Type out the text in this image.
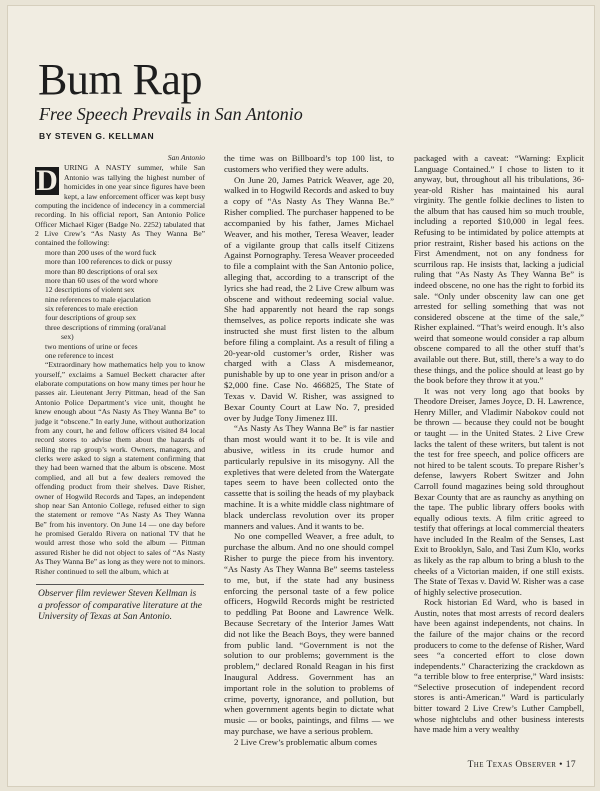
Bum Rap
Free Speech Prevails in San Antonio
BY STEVEN G. KELLMAN
San Antonio
D URING A NASTY summer, while San Antonio was tallying the highest number of homicides in one year since figures have been kept, a law enforcement officer was kept busy computing the incidence of indecency in a commercial recording. In his official report, San Antonio Police Officer Michael Kiger (Badge No. 2252) tabulated that 2 Live Crew’s “As Nasty As They Wanna Be” contained the following:

more than 200 uses of the word fuck
more than 100 references to dick or pussy
more than 80 descriptions of oral sex
more than 60 uses of the word whore
12 descriptions of violent sex
nine references to male ejaculation
six references to male erection
four descriptions of group sex
three descriptions of rimming (oral/anal
sex)
two mentions of urine or feces
one reference to incest

“Extraordinary how mathematics help you to know yourself,” exclaims a Samuel Beckett character after elaborate computations on how many times per hour he passes air. Lieutenant Jerry Pittman, head of the San Antonio Police Department’s vice unit, thought he knew enough about “As Nasty As They Wanna Be” to judge it “obscene.” In early June, without authorization from any court, he and fellow officers visited 84 local record stores to advise them about the hazards of selling the rap group’s work. Owners, managers, and clerks were asked to sign a statement confirming that they had been warned that the album is obscene. Most complied, and all but a few dealers removed the offending product from their shelves. Dave Risher, owner of Hogwild Records and Tapes, an independent shop near San Antonio College, refused either to sign the statement or remove “As Nasty As They Wanna Be” from his inventory. On June 14 — one day before he promised Geraldo Rivera on national TV that he would arrest those who sold the album — Pittman assured Risher he did not object to sales of “As Nasty As They Wanna Be” as long as they were not to minors. Risher continued to sell the album, which at

Observer film reviewer Steven Kellman is a professor of comparative literature at the University of Texas at San Antonio.

the time was on Billboard’s top 100 list, to customers who verified they were adults.

On June 20, James Patrick Weaver, age 20, walked in to Hogwild Records and asked to buy a copy of “As Nasty As They Wanna Be.” Risher complied. The purchaser happened to be accompanied by his father, James Michael Weaver, and his mother, Teresa Weaver, leader of a vigilante group that calls itself Citizens Against Pornography. Teresa Weaver proceeded to file a complaint with the San Antonio police, alleging that, according to a transcript of the lyrics she had read, the 2 Live Crew album was obscene and without redeeming social value. She had apparently not heard the rap songs themselves, as police reports indicate she was instructed she must first listen to the album before filing a complaint. As a result of filing a 20-year-old customer’s order, Risher was charged with a Class A misdemeanor, punishable by up to one year in prison and/or a $2,000 fine. Case No. 466825, The State of Texas v. David W. Risher, was assigned to Bexar County Court at Law No. 7, presided over by Judge Tony Jimenez III.

“As Nasty As They Wanna Be” is far nastier than most would want it to be. It is vile and abusive, witless in its crude humor and particularly repulsive in its misogyny. All the expletives that were deleted from the Watergate tapes seem to have been collected onto the cassette that is soiling the heads of my playback machine. It is a white middle class nightmare of black underclass revolution over its proper manners and values. And it wants to be.

No one compelled Weaver, a free adult, to purchase the album. And no one should compel Risher to purge the piece from his inventory. “As Nasty As They Wanna Be” seems tasteless to me, but, if the state had any business enforcing the personal taste of a few police officers, Hogwild Records might be restricted to peddling Pat Boone and Lawrence Welk. Because Secretary of the Interior James Watt did not like the Beach Boys, they were banned from public land. “Government is not the solution to our problems; government is the problem,” declared Ronald Reagan in his first Inaugural Address. Government has an important role in the solution to problems of crime, poverty, ignorance, and pollution, but when government agents begin to dictate what music — or books, paintings, and films — we may purchase, we have a serious problem.

2 Live Crew’s problematic album comes

packaged with a caveat: “Warning: Explicit Language Contained.” I chose to listen to it anyway, but, throughout all his tribulations, 36-year-old Risher has maintained his aural virginity. The gentle folkie declines to listen to the album that has caused him so much trouble, including a reported $10,000 in legal fees. Refusing to be intimidated by police attempts at prior restraint, Risher based his actions on the First Amendment, not on any fondness for scurrilous rap. He insists that, lacking a judicial ruling that “As Nasty As They Wanna Be” is indeed obscene, no one has the right to forbid its sale. “Only under obscenity law can one get arrested for selling something that was not considered obscene at the time of the sale,” Risher explained. “That’s weird enough. It’s also weird that someone would consider a rap album obscene compared to all the other stuff that’s available out there. But, still, there’s a way to do these things, and the police should at least go by the book before they throw it at you.”

It was not very long ago that books by Theodore Dreiser, James Joyce, D. H. Lawrence, Henry Miller, and Vladimir Nabokov could not be thrown — because they could not be bought or taught — in the United States. 2 Live Crew lacks the talent of these writers, but talent is not the test for free speech, and police officers are not hired to be talent scouts. To prepare Risher’s defense, lawyers Robert Switzer and John Carroll found magazines being sold throughout Bexar County that are as raunchy as anything on the tape. The public library offers books with equally odious texts. A film critic agreed to testify that offerings at local commercial theaters have included In the Realm of the Senses, Last Exit to Brooklyn, Salo, and Tasi Zum Klo, works as likely as the rap album to bring a blush to the cheeks of a Victorian maiden, if one still exists. The State of Texas v. David W. Risher was a case of highly selective prosecution.

Rock historian Ed Ward, who is based in Austin, notes that most arrests of record dealers have been against independents, not chains. In the failure of the major chains or the record producers to come to the defense of Risher, Ward sees “a concerted effort to close down independents.” Characterizing the crackdown as “a terrible blow to free enterprise,” Ward insists: “Selective prosecution of independent record stores is anti-American.” Ward is particularly bitter toward 2 Live Crew’s Luther Campbell, whose nightclubs and other business interests have made him a very wealthy

The Texas Observer • 17
